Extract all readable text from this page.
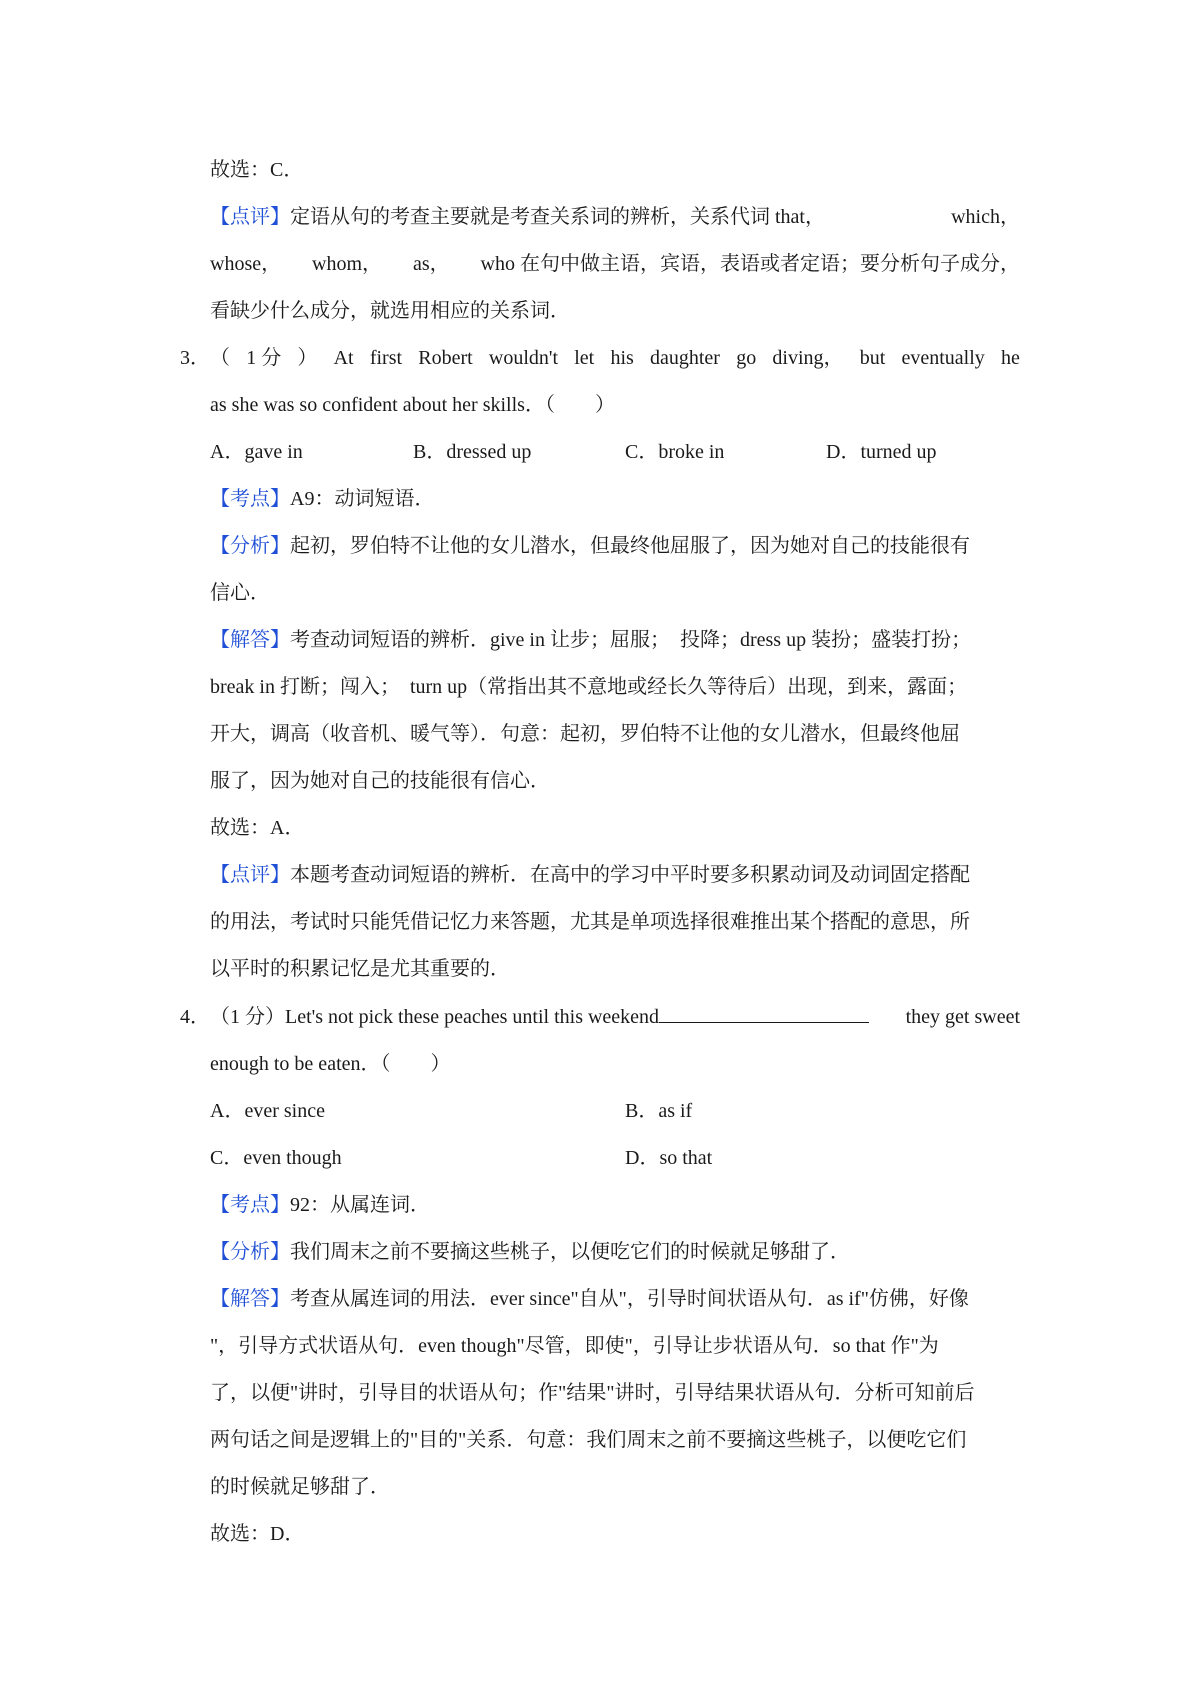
故选：C．
【点评】定语从句的考查主要就是考查关系词的辨析，关系代词 that，	which，
whose， whom， as， who 在句中做主语，宾语，表语或者定语；要分析句子成分，
看缺少什么成分，就选用相应的关系词．
3． （ 1 分 ） At first Robert wouldn't let his daughter go diving， but eventually he
as she was so confident about her skills．（　　）
A．gave in	B．dressed up	C．broke in	D．turned up
【考点】A9：动词短语．
【分析】起初，罗伯特不让他的女儿潜水，但最终他屈服了，因为她对自己的技能很有
信心．
【解答】考查动词短语的辨析．give in 让步；屈服；　投降；dress up 装扮；盛装打扮；
break in 打断；闯入；　turn up（常指出其不意地或经长久等待后）出现，到来，露面；
开大，调高（收音机、暖气等）．句意：起初，罗伯特不让他的女儿潜水，但最终他屈
服了，因为她对自己的技能很有信心．
故选：A．
【点评】本题考查动词短语的辨析．在高中的学习中平时要多积累动词及动词固定搭配
的用法，考试时只能凭借记忆力来答题，尤其是单项选择很难推出某个搭配的意思，所
以平时的积累记忆是尤其重要的．
4． （1 分）Let's not pick these peaches until this weekend	they get sweet
enough to be eaten．（　　）
A．ever since	B．as if
C．even though	D．so that
【考点】92：从属连词．
【分析】我们周末之前不要摘这些桃子，以便吃它们的时候就足够甜了．
【解答】考查从属连词的用法．ever since"自从"，引导时间状语从句．as if"仿佛，好像
"，引导方式状语从句．even though"尽管，即使"，引导让步状语从句．so that 作"为
了，以便"讲时，引导目的状语从句；作"结果"讲时，引导结果状语从句．分析可知前后
两句话之间是逻辑上的"目的"关系．句意：我们周末之前不要摘这些桃子，以便吃它们
的时候就足够甜了．
故选：D．
